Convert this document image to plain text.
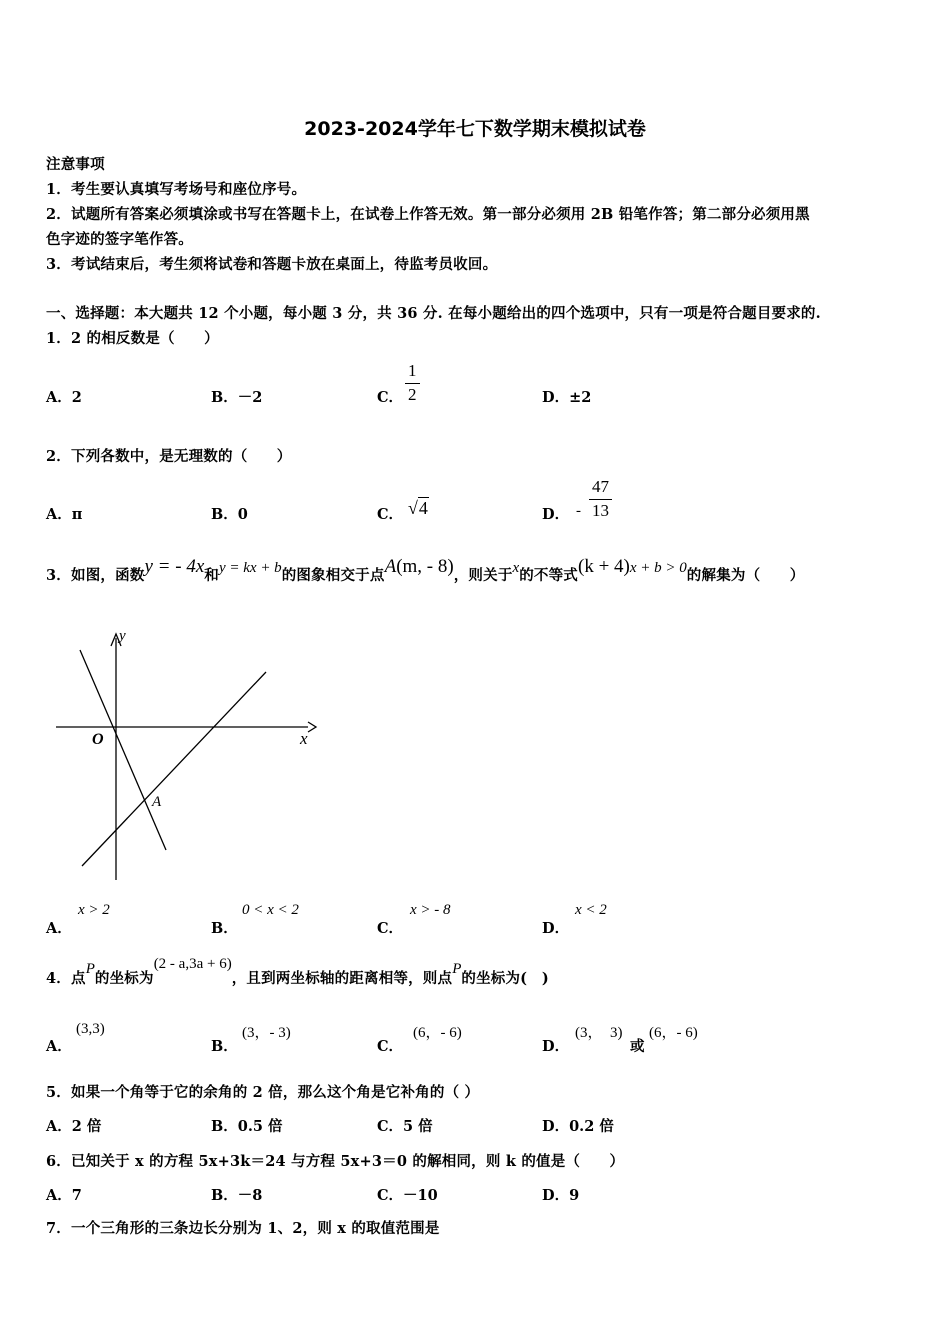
2023-2024学年七下数学期末模拟试卷
注意事项
1．考生要认真填写考场号和座位序号。
2．试题所有答案必须填涂或书写在答题卡上，在试卷上作答无效。第一部分必须用 2B 铅笔作答；第二部分必须用黑
色字迹的签字笔作答。
3．考试结束后，考生须将试卷和答题卡放在桌面上，待监考员收回。
一、选择题：本大题共 12 个小题，每小题 3 分，共 36 分. 在每小题给出的四个选项中，只有一项是符合题目要求的.
1．2 的相反数是（　　）
A．2	B．－2	C． $\frac{1}{2}$	D．±2
2．下列各数中，是无理数的（　　）
A．π	B．0	C． √4	D． - $\frac{47}{13}$
3．如图，函数y = - 4x和y = kx + b的图象相交于点A(m, - 8)，则关于x的不等式(k + 4)x + b > 0的解集为（　　）
y
x
O
A
A．
x > 2
B．
0 < x < 2
C．
x > - 8
D．
x < 2
4．点P的坐标为(2 - a,3a + 6)，且到两坐标轴的距离相等，则点P的坐标为(　)
A．
(3,3)
B．
(3，- 3)
C．
(6，- 6)
D．
(3，　3)
或
(6，- 6)
5．如果一个角等于它的余角的 2 倍，那么这个角是它补角的（ ）
A．2 倍	B．0.5 倍	C．5 倍	D．0.2 倍
6．已知关于 x 的方程 5x+3k＝24 与方程 5x+3＝0 的解相同，则 k 的值是（　　）
A．7	B．－8	C．－10	D．9
7．一个三角形的三条边长分别为 1、2，则 x 的取值范围是
